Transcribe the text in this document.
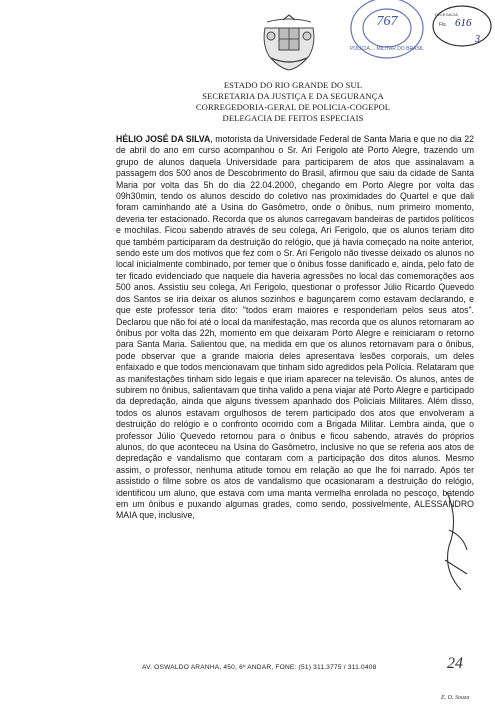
767
POLÍCIA ... MILITAR DO BRASIL
Fls. 616
3
DELEGACIA
ESTADO DO RIO GRANDE DO SUL
SECRETARIA DA JUSTIÇA E DA SEGURANÇA
CORREGEDORIA-GERAL DE POLICIA-COGEPOL
DELEGACIA DE FEITOS ESPECIAIS
HÉLIO JOSÉ DA SILVA, motorista da Universidade Federal de Santa Maria e que no dia 22 de abril do ano em curso acompanhou o Sr. Ari Ferigolo até Porto Alegre, trazendo um grupo de alunos daquela Universidade para participarem de atos que assinalavam a passagem dos 500 anos de Descobrimento do Brasil, afirmou que saiu da cidade de Santa Maria por volta das 5h do dia 22.04.2000, chegando em Porto Alegre por volta das 09h30min, tendo os alunos descido do coletivo nas proximidades do Quartel e que dali foram caminhando até a Usina do Gasômetro, onde o ônibus, num primeiro momento, deveria ter estacionado. Recorda que os alunos carregavam bandeiras de partidos políticos e mochilas. Ficou sabendo através de seu colega, Ari Ferigolo, que os alunos teriam dito que também participaram da destruição do relógio, que já havia começado na noite anterior, sendo este um dos motivos que fez com o Sr. Ari Ferigolo não tivesse deixado os alunos no local inicialmente combinado, por temer que o ônibus fosse danificado e, ainda, pelo fato de ter ficado evidenciado que naquele dia haveria agressões no local das comemorações aos 500 anos. Assistiu seu colega, Ari Ferigolo, questionar o professor Júlio Ricardo Quevedo dos Santos se iria deixar os alunos sozinhos e bagunçarem como estavam declarando, e que este professor teria dito: "todos eram maiores e responderiam pelos seus atos". Declarou que não foi até o local da manifestação, mas recorda que os alunos retornaram ao ônibus por volta das 22h, momento em que deixaram Porto Alegre e reiniciaram o retorno para Santa Maria. Salientou que, na medida em que os alunos retornavam para o ônibus, pode observar que a grande maioria deles apresentava lesões corporais, um deles enfaixado e que todos mencionavam que tinham sido agredidos pela Polícia. Relataram que as manifestações tinham sido legais e que iriam aparecer na televisão. Os alunos, antes de subirem no ônibus, salientavam que tinha valido a pena viajar até Porto Alegre e participado da depredação, ainda que alguns tivessem apanhado dos Policiais Militares. Além disso, todos os alunos estavam orgulhosos de terem participado dos atos que envolveram a destruição do relógio e o confronto ocorrido com a Brigada Militar. Lembra ainda, que o professor Júlio Quevedo retornou para o ônibus e ficou sabendo, através do próprios alunos, do que aconteceu na Usina do Gasômetro, inclusive no que se referia aos atos de depredação e vandalismo que contaram com a participação dos ditos alunos. Mesmo assim, o professor, nenhuma atitude tomou em relação ao que lhe foi narrado. Após ter assistido o filme sobre os atos de vandalismo que ocasionaram a destruição do relógio, identificou um aluno, que estava com uma manta vermelha enrolada no pescoço, batendo em um ônibus e puxando algumas grades, como sendo, possivelmente, ALESSANDRO MAIA que, inclusive,
AV. OSWALDO ARANHA, 450, 6º ANDAR, FONE: (51) 311.3775 / 311.0408	24
E. D. Souza
